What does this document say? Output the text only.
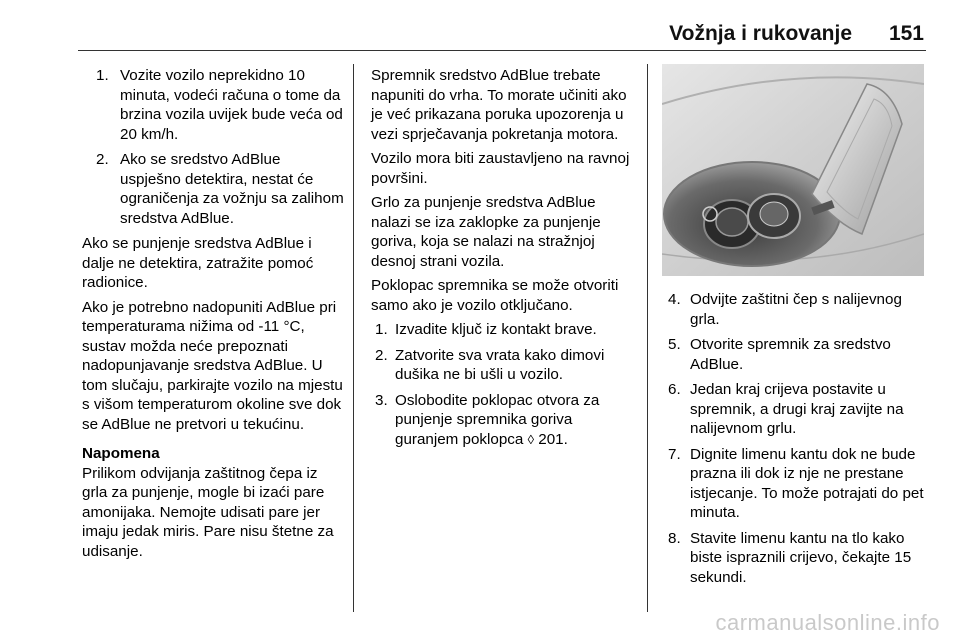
Vožnja i rukovanje 151
1. Vozite vozilo neprekidno 10 minuta, vodeći računa o tome da brzina vozila uvijek bude veća od 20 km/h.
2. Ako se sredstvo AdBlue uspješno detektira, nestat će ograničenja za vožnju sa zalihom sredstva AdBlue.

Ako se punjenje sredstva AdBlue i dalje ne detektira, zatražite pomoć radionice.

Ako je potrebno nadopuniti AdBlue pri temperaturama nižima od -11 °C, sustav možda neće prepoznati nadopunjavanje sredstva AdBlue. U tom slučaju, parkirajte vozilo na mjestu s višom temperaturom okoline sve dok se AdBlue ne pretvori u tekućinu.

Napomena

Prilikom odvijanja zaštitnog čepa iz grla za punjenje, mogle bi izaći pare amonijaka. Nemojte udisati pare jer imaju jedak miris. Pare nisu štetne za udisanje.

Spremnik sredstvo AdBlue trebate napuniti do vrha. To morate učiniti ako je već prikazana poruka upozorenja u vezi sprječavanja pokretanja motora.

Vozilo mora biti zaustavljeno na ravnoj površini.

Grlo za punjenje sredstva AdBlue nalazi se iza zaklopke za punjenje goriva, koja se nalazi na stražnjoj desnoj strani vozila.

Poklopac spremnika se može otvoriti samo ako je vozilo otključano.

1. Izvadite ključ iz kontakt brave.
2. Zatvorite sva vrata kako dimovi dušika ne bi ušli u vozilo.
3. Oslobodite poklopac otvora za punjenje spremnika goriva guranjem poklopca ◊ 201.
4. Odvijte zaštitni čep s nalijevnog grla.
5. Otvorite spremnik za sredstvo AdBlue.
6. Jedan kraj crijeva postavite u spremnik, a drugi kraj zavijte na nalijevnom grlu.
7. Dignite limenu kantu dok ne bude prazna ili dok iz nje ne prestane istjecanje. To može potrajati do pet minuta.
8. Stavite limenu kantu na tlo kako biste ispraznili crijevo, čekajte 15 sekundi.
carmanualsonline.info
